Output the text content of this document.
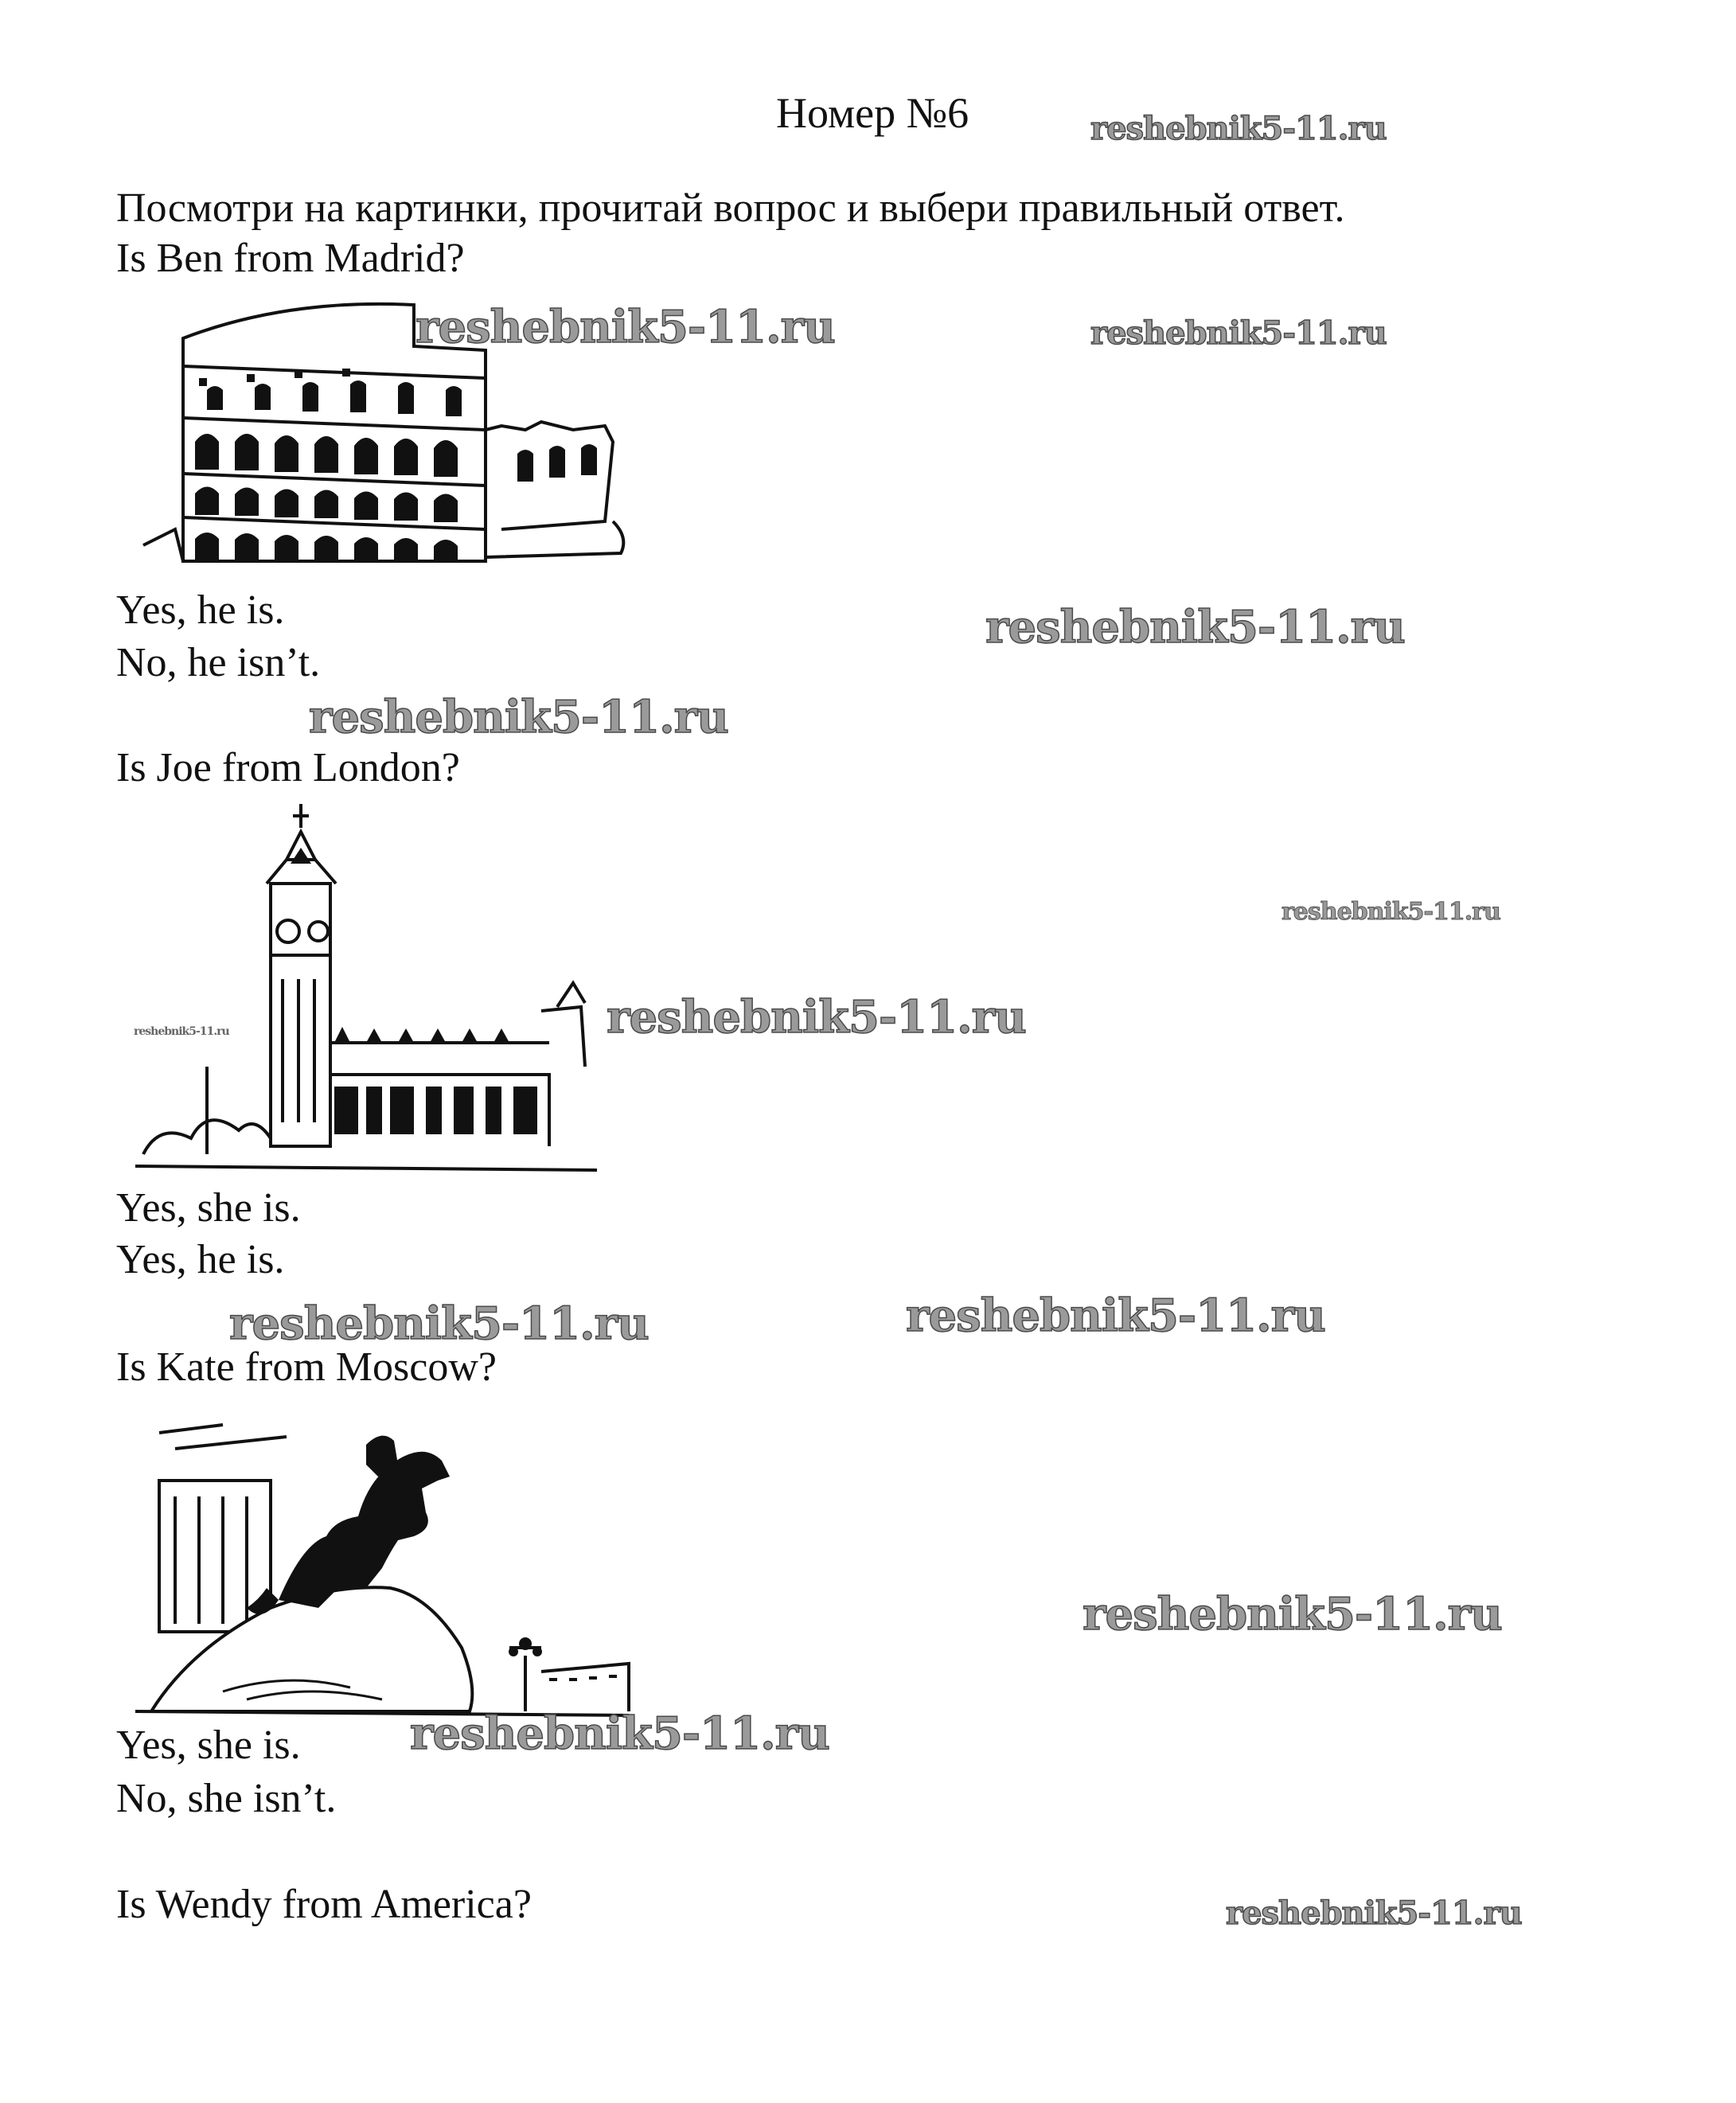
Номер №6	reshebnik5-11.ru
Посмотри на картинки, прочитай вопрос и выбери правильный ответ.
Is Ben from Madrid?
reshebnik5-11.ru	reshebnik5-11.ru
Yes, he is.
No, he isn’t.
reshebnik5-11.ru
reshebnik5-11.ru
Is Joe from London?
reshebnik5-11.ru
reshebnik5-11.ru
reshebnik5-11.ru
Yes, she is.
Yes, he is.
reshebnik5-11.ru
reshebnik5-11.ru
Is Kate from Moscow?
reshebnik5-11.ru
reshebnik5-11.ru
Yes, she is.
No, she isn’t.
Is Wendy from America?	reshebnik5-11.ru
